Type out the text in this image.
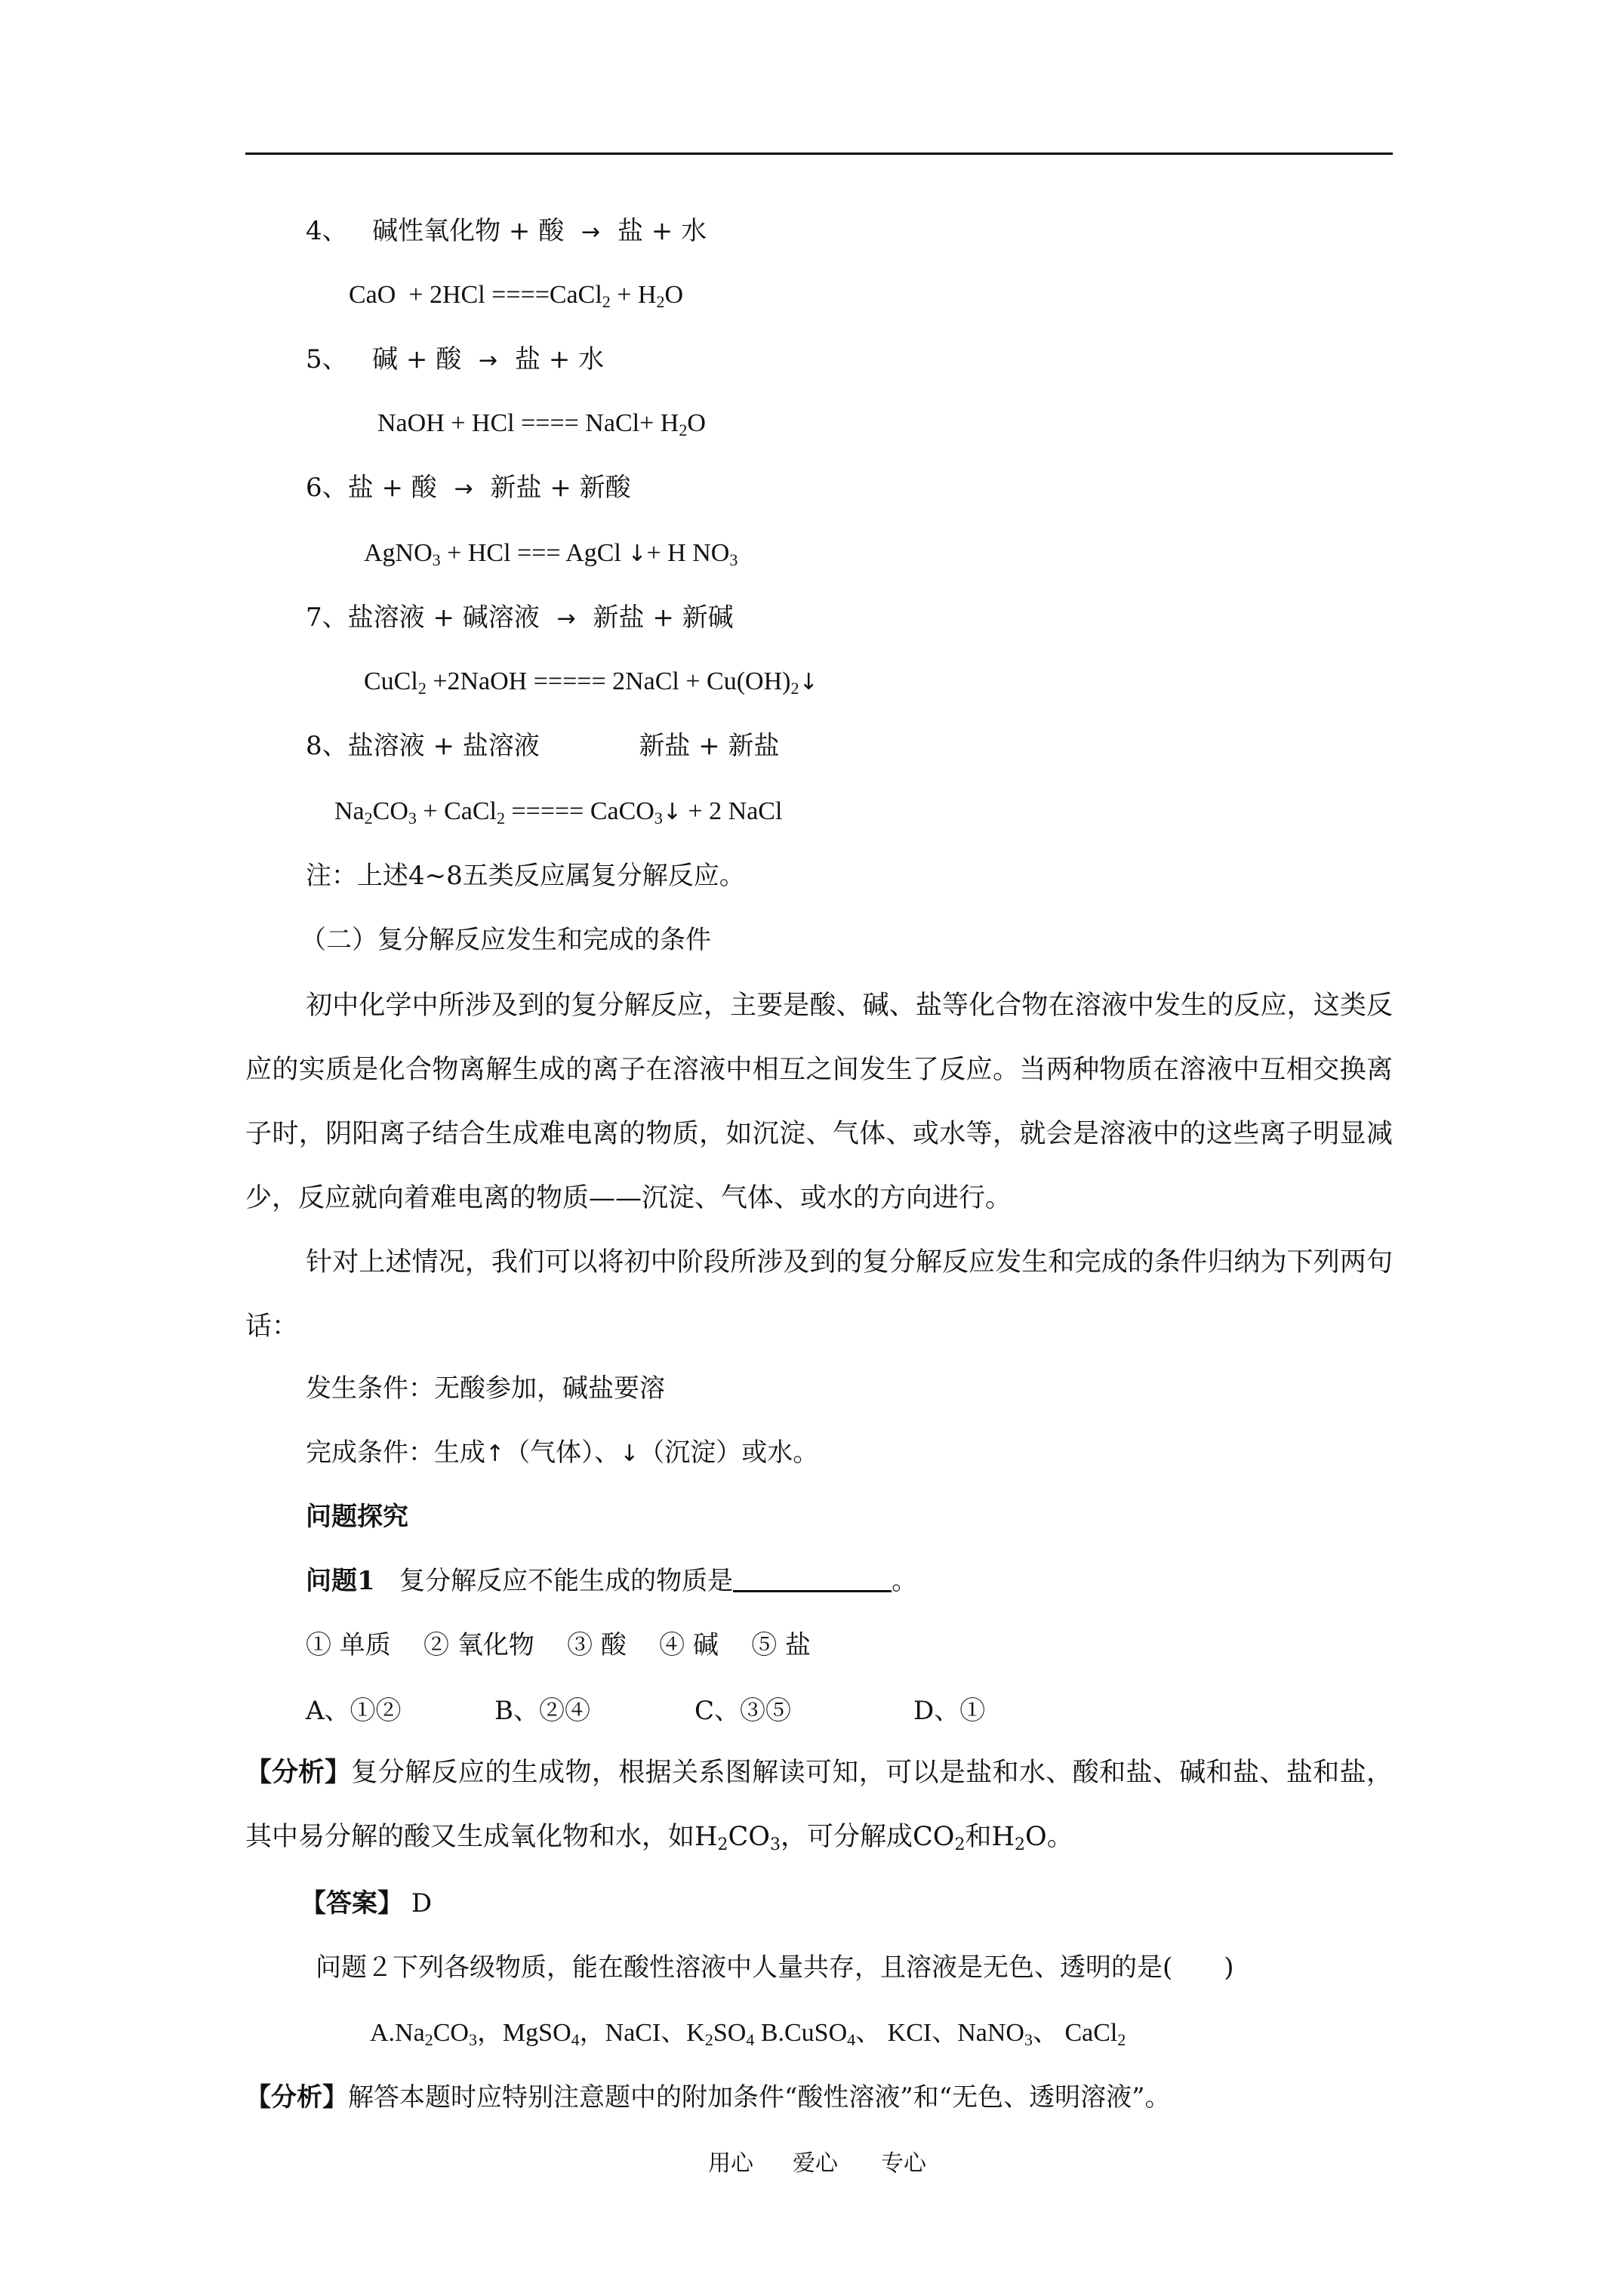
4、 碱性氧化物 + 酸 → 盐 + 水
CaO + 2HCl ====CaCl$_2$ + $H_2O$
5、 碱 + 酸 → 盐 + 水
NaOH + HCl ==== NaCl+ $H_2O$
6、盐 + 酸 → 新盐 + 新酸
AgNO$_3$ + HCl === AgCl ↓+ H $NO_3$
7、盐溶液 + 碱溶液 → 新盐 + 新碱
CuCl$_2$ +2NaOH ===== 2NaCl + $Cu(OH)_2↓$
8、盐溶液 + 盐溶液	新盐 + 新盐
$Na_2CO_3$ + CaCl$_2$ ===== CaCO$_3$↓ + 2 NaCl
注：上述4~8五类反应属复分解反应。
（二）复分解反应发生和完成的条件
初中化学中所涉及到的复分解反应，主要是酸、碱、盐等化合物在溶液中发生的反应，这类反应的实质是化合物离解生成的离子在溶液中相互之间发生了反应。当两种物质在溶液中互相交换离子时，阴阳离子结合生成难电离的物质，如沉淀、气体、或水等，就会是溶液中的这些离子明显减少，反应就向着难电离的物质——沉淀、气体、或水的方向进行。
针对上述情况，我们可以将初中阶段所涉及到的复分解反应发生和完成的条件归纳为下列两句话：
发生条件：无酸参加，碱盐要溶
完成条件：生成↑（气体）、↓（沉淀）或水。
问题探究
问题1 复分解反应不能生成的物质是	。
① 单质 ② 氧化物 ③ 酸 ④ 碱 ⑤ 盐
A、①②	B、②④	C、③⑤	D、①
【分析】复分解反应的生成物，根据关系图解读可知，可以是盐和水、酸和盐、碱和盐、盐和盐，其中易分解的酸又生成氧化物和水，如$H_2CO_3$，可分解成$CO_2$和$H_2O$。
【答案】 D
问题２下列各级物质，能在酸性溶液中人量共存，且溶液是无色、透明的是(　　)
$A.Na_2CO_3$，MgSO$_4$，NaCI、$K_2SO_4$ B.CuSO$_4$、 KCI、NaNO$_3$、 CaCl$_2$
【分析】解答本题时应特别注意题中的附加条件“酸性溶液”和“无色、透明溶液”。
用心 爱心 专心
